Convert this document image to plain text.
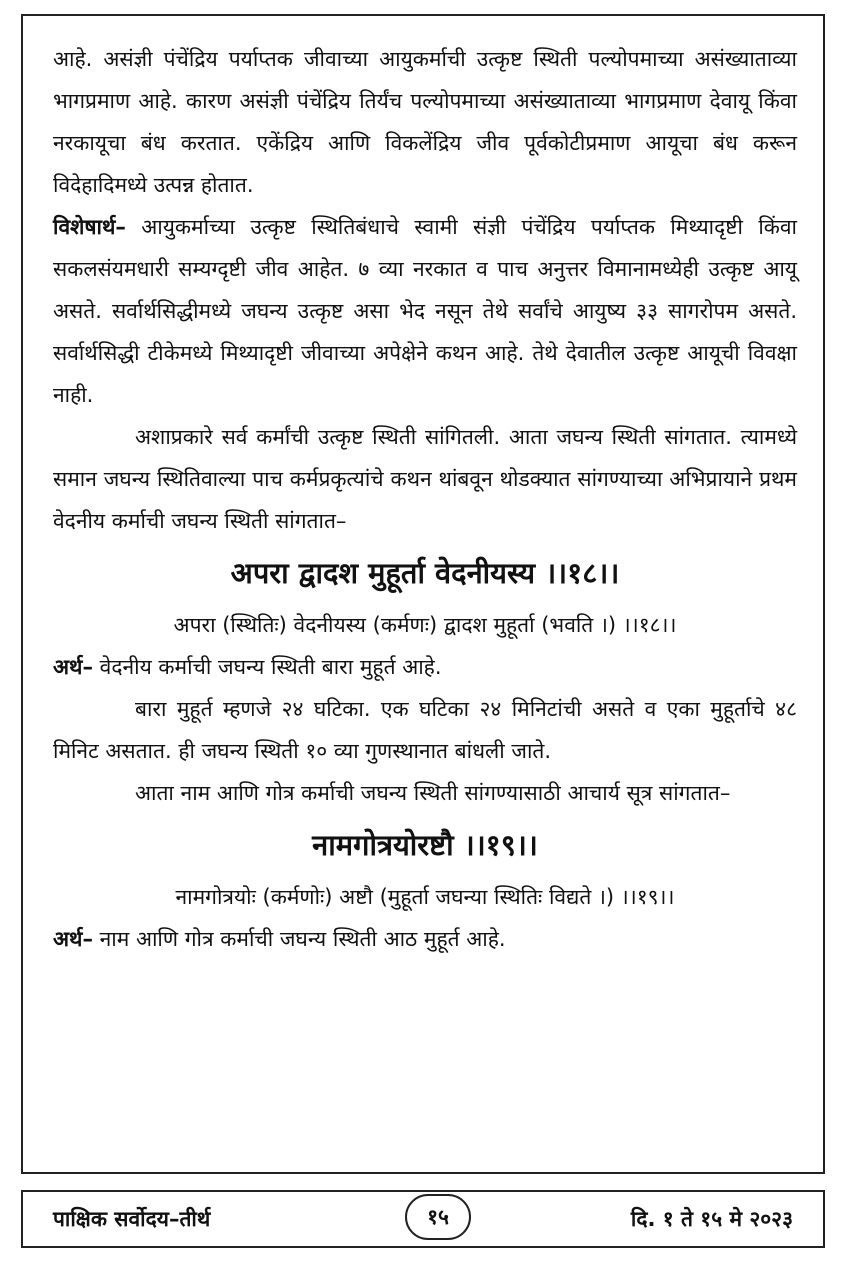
आहे. असंज्ञी पंचेंद्रिय पर्याप्तक जीवाच्या आयुकर्माची उत्कृष्ट स्थिती पल्योपमाच्या असंख्याताव्या भागप्रमाण आहे. कारण असंज्ञी पंचेंद्रिय तिर्यंच पल्योपमाच्या असंख्याताव्या भागप्रमाण देवायू किंवा नरकायूचा बंध करतात. एकेंद्रिय आणि विकलेंद्रिय जीव पूर्वकोटीप्रमाण आयूचा बंध करून विदेहादिमध्ये उत्पन्न होतात.

विशेषार्थ– आयुकर्माच्या उत्कृष्ट स्थितिबंधाचे स्वामी संज्ञी पंचेंद्रिय पर्याप्तक मिथ्यादृष्टी किंवा सकलसंयमधारी सम्यग्दृष्टी जीव आहेत. ७ व्या नरकात व पाच अनुत्तर विमानामध्येही उत्कृष्ट आयू असते. सर्वार्थसिद्धीमध्ये जघन्य उत्कृष्ट असा भेद नसून तेथे सर्वांचे आयुष्य ३३ सागरोपम असते. सर्वार्थसिद्धी टीकेमध्ये मिथ्यादृष्टी जीवाच्या अपेक्षेने कथन आहे. तेथे देवातील उत्कृष्ट आयूची विवक्षा नाही.

अशाप्रकारे सर्व कर्मांची उत्कृष्ट स्थिती सांगितली. आता जघन्य स्थिती सांगतात. त्यामध्ये समान जघन्य स्थितिवाल्या पाच कर्मप्रकृत्यांचे कथन थांबवून थोडक्यात सांगण्याच्या अभिप्रायाने प्रथम वेदनीय कर्माची जघन्य स्थिती सांगतात–

अपरा द्वादश मुहूर्ता वेदनीयस्य ।।१८।।

अपरा (स्थितिः) वेदनीयस्य (कर्मणः) द्वादश मुहूर्ता (भवति ।) ।।१८।।

अर्थ– वेदनीय कर्माची जघन्य स्थिती बारा मुहूर्त आहे.

बारा मुहूर्त म्हणजे २४ घटिका. एक घटिका २४ मिनिटांची असते व एका मुहूर्ताचे ४८ मिनिट असतात. ही जघन्य स्थिती १० व्या गुणस्थानात बांधली जाते.

आता नाम आणि गोत्र कर्माची जघन्य स्थिती सांगण्यासाठी आचार्य सूत्र सांगतात–

नामगोत्रयोरष्टौ ।।१९।।

नामगोत्रयोः (कर्मणोः) अष्टौ (मुहूर्ता जघन्या स्थितिः विद्यते ।) ।।१९।।

अर्थ– नाम आणि गोत्र कर्माची जघन्य स्थिती आठ मुहूर्त आहे.

पाक्षिक सर्वोदय–तीर्थ	१५	दि. १ ते १५ मे २०२३
